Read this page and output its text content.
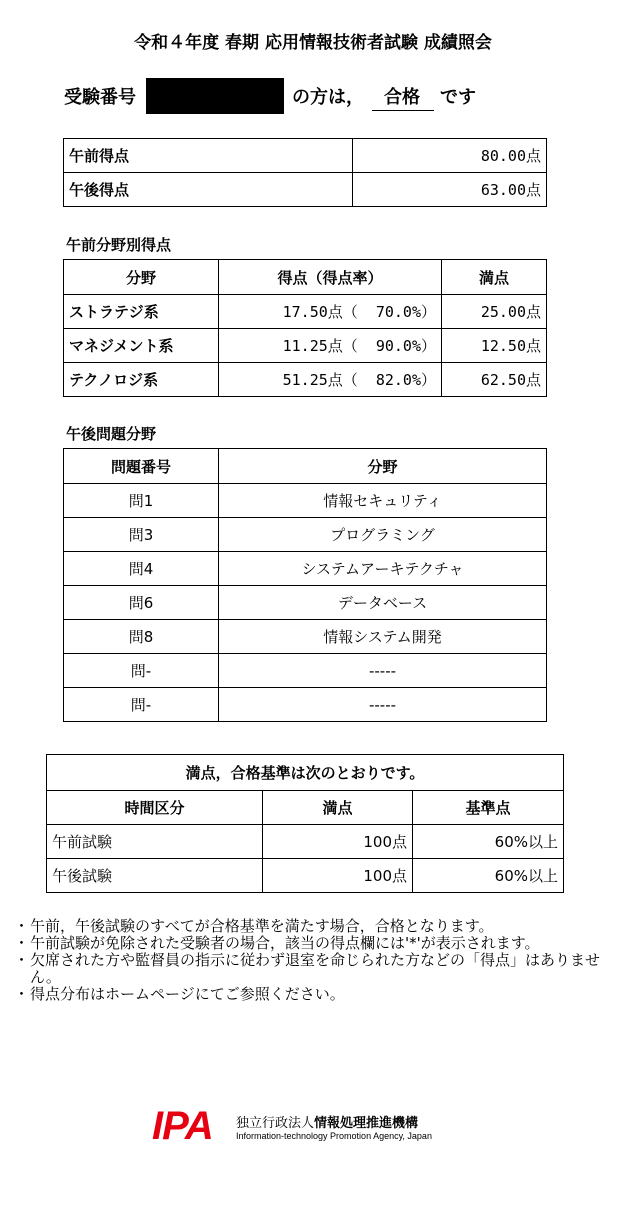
令和４年度 春期 応用情報技術者試験 成績照会
受験番号	の方は， 合格 です
午前得点	80.00点
午後得点	63.00点
午前分野別得点
分野	得点（得点率）	満点
ストラテジ系	17.50点（  70.0%）	25.00点
マネジメント系	11.25点（  90.0%）	12.50点
テクノロジ系	51.25点（  82.0%）	62.50点
午後問題分野
問題番号	分野
問1	情報セキュリティ
問3	プログラミング
問4	システムアーキテクチャ
問6	データベース
問8	情報システム開発
問-	-----
問-	-----
満点，合格基準は次のとおりです。		
時間区分	満点	基準点
午前試験	100点	60%以上
午後試験	100点	60%以上
・ 午前，午後試験のすべてが合格基準を満たす場合，合格となります。
・ 午前試験が免除された受験者の場合，該当の得点欄には'*'が表示されます。
・ 欠席された方や監督員の指示に従わず退室を命じられた方などの「得点」はありません。
・ 得点分布はホームページにてご参照ください。
IPA 独立行政法人情報処理推進機構
Information-technology Promotion Agency, Japan
